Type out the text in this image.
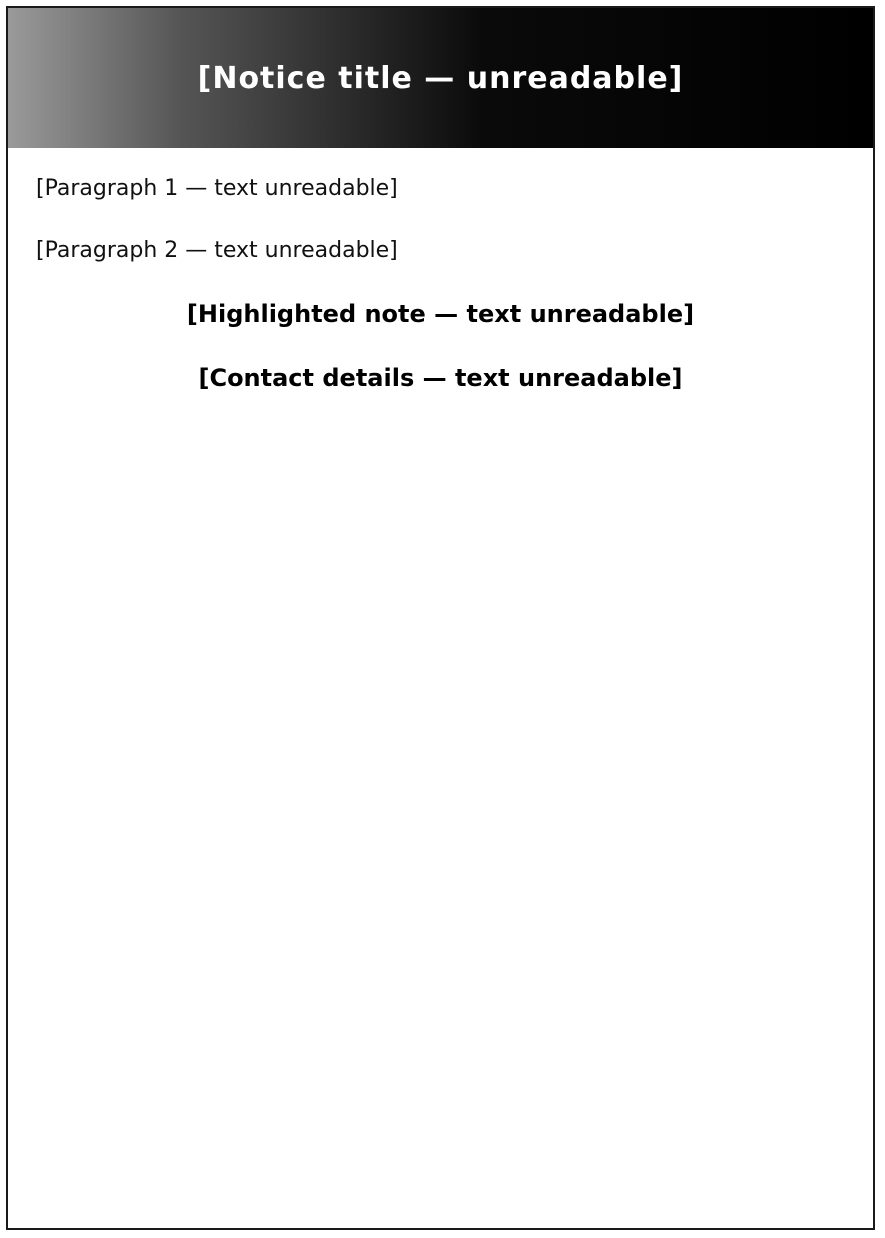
[Notice title — unreadable]
[Paragraph 1 — text unreadable]
[Paragraph 2 — text unreadable]
[Highlighted note — text unreadable]
[Contact details — text unreadable]
